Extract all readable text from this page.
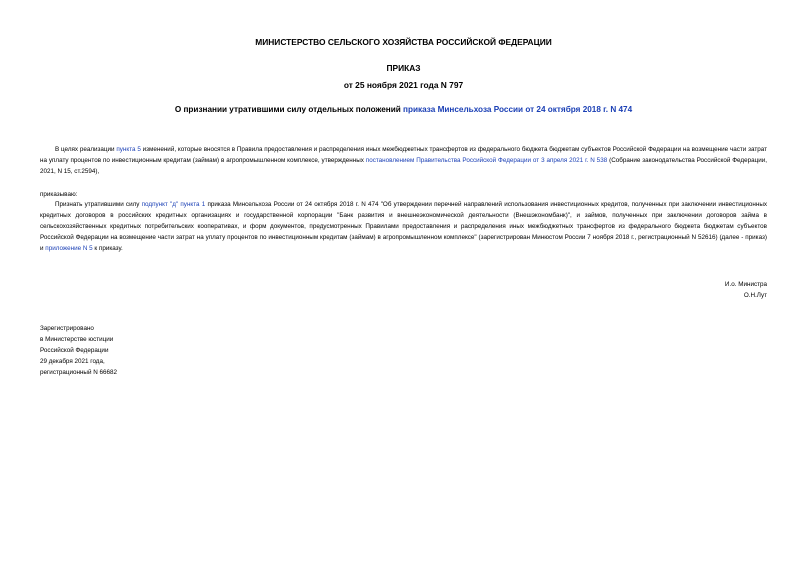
МИНИСТЕРСТВО СЕЛЬСКОГО ХОЗЯЙСТВА РОССИЙСКОЙ ФЕДЕРАЦИИ
ПРИКАЗ
от 25 ноября 2021 года N 797
О признании утратившими силу отдельных положений приказа Минсельхоза России от 24 октября 2018 г. N 474
В целях реализации пункта 5 изменений, которые вносятся в Правила предоставления и распределения иных межбюджетных трансфертов из федерального бюджета бюджетам субъектов Российской Федерации на возмещение части затрат на уплату процентов по инвестиционным кредитам (займам) в агропромышленном комплексе, утвержденных постановлением Правительства Российской Федерации от 3 апреля 2021 г. N 538 (Собрание законодательства Российской Федерации, 2021, N 15, ст.2594),
приказываю:
Признать утратившими силу подпункт "д" пункта 1 приказа Минсельхоза России от 24 октября 2018 г. N 474 "Об утверждении перечней направлений использования инвестиционных кредитов, полученных при заключении инвестиционных кредитных договоров в российских кредитных организациях и государственной корпорации "Банк развития и внешнеэкономической деятельности (Внешэкономбанк)", и займов, полученных при заключении договоров займа в сельскохозяйственных кредитных потребительских кооперативах, и форм документов, предусмотренных Правилами предоставления и распределения иных межбюджетных трансфертов из федерального бюджета бюджетам субъектов Российской Федерации на возмещение части затрат на уплату процентов по инвестиционным кредитам (займам) в агропромышленном комплексе" (зарегистрирован Минюстом России 7 ноября 2018 г., регистрационный N 52616) (далее - приказ) и приложение N 5 к приказу.
И.о. Министра
О.Н.Лут
Зарегистрировано
в Министерстве юстиции
Российской Федерации
29 декабря 2021 года,
регистрационный N 66682
